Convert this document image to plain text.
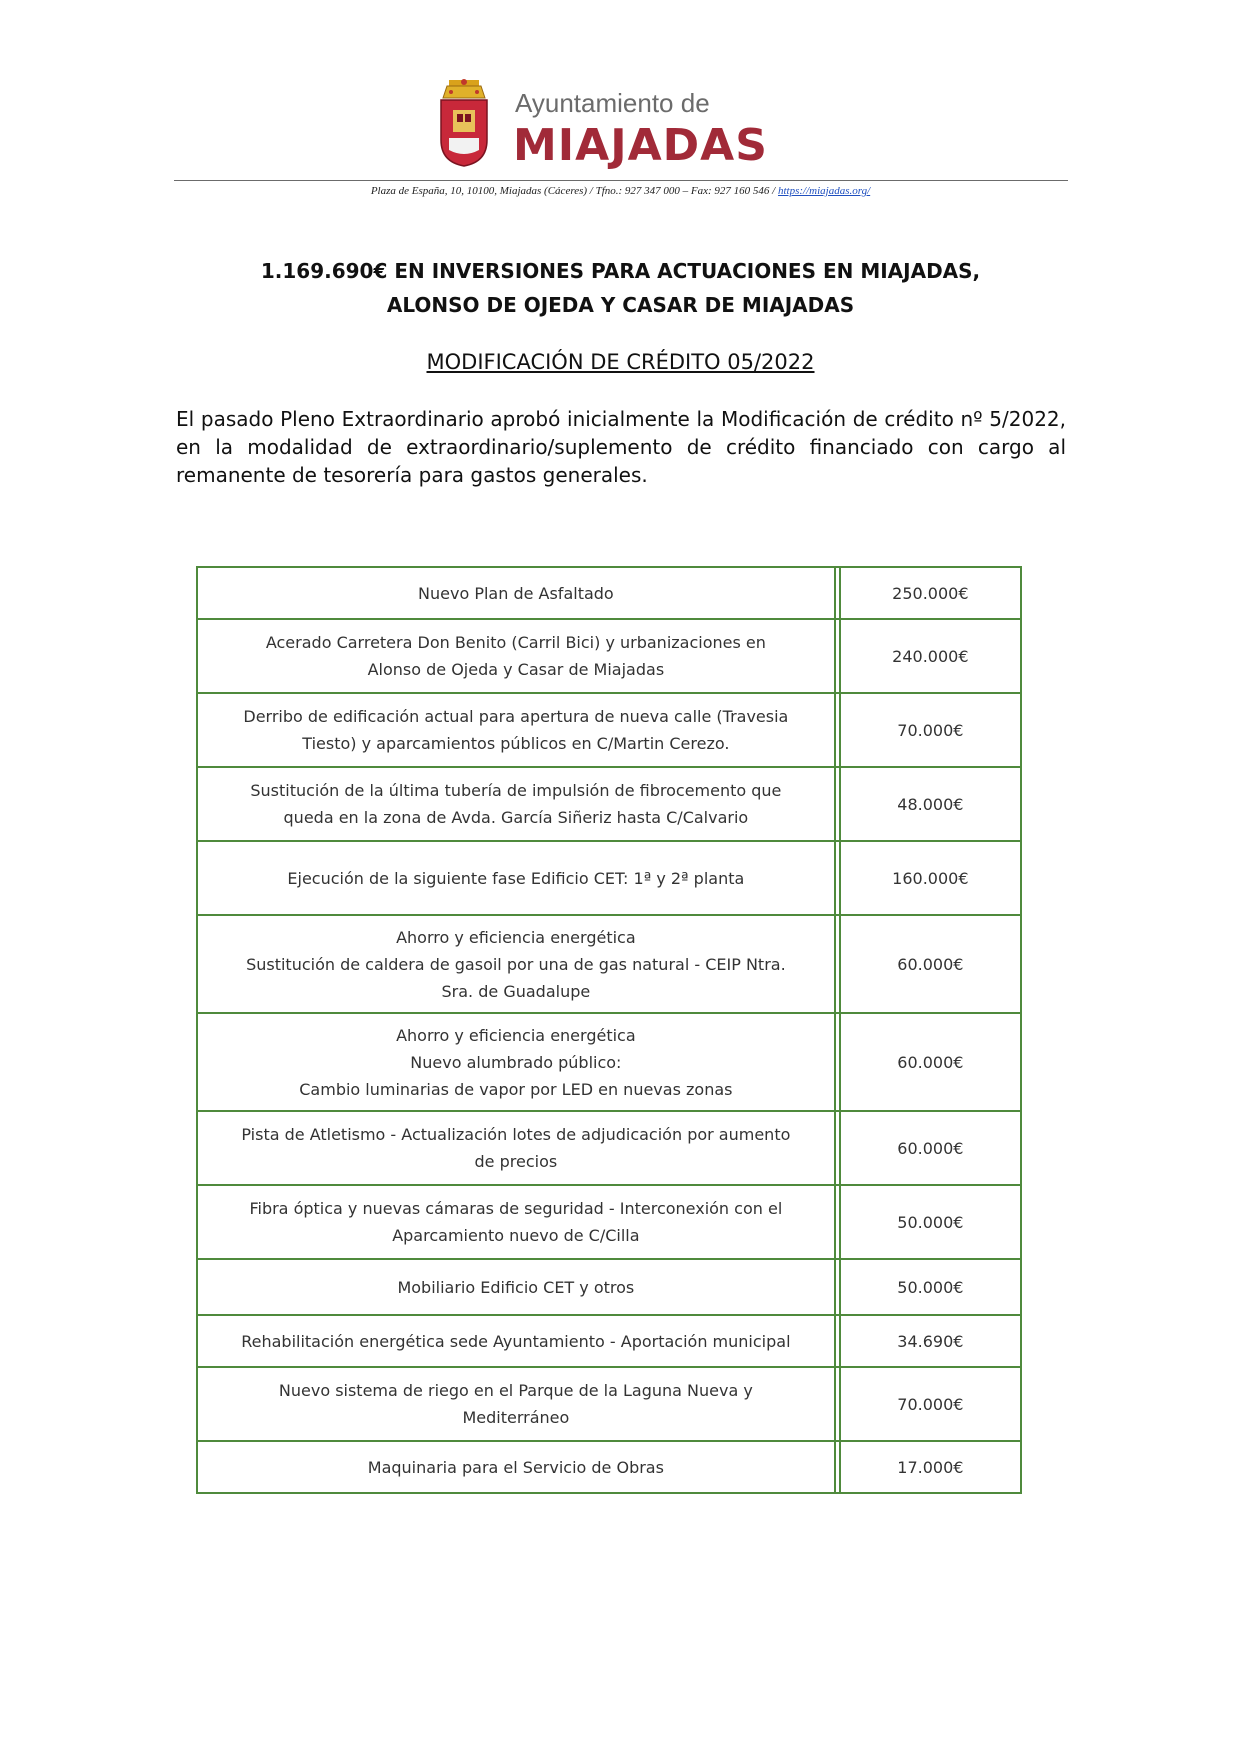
Ayuntamiento de
MIAJADAS
Plaza de España, 10, 10100, Miajadas (Cáceres) / Tfno.: 927 347 000 – Fax: 927 160 546 / https://miajadas.org/
1.169.690€ EN INVERSIONES PARA ACTUACIONES EN MIAJADAS,
ALONSO DE OJEDA Y CASAR DE MIAJADAS
MODIFICACIÓN DE CRÉDITO 05/2022
El pasado Pleno Extraordinario aprobó inicialmente la Modificación de crédito nº 5/2022, en la modalidad de extraordinario/suplemento de crédito financiado con cargo al remanente de tesorería para gastos generales.
Nuevo Plan de Asfaltado		250.000€

Acerado Carretera Don Benito (Carril Bici) y urbanizaciones en
Alonso de Ojeda y Casar de Miajadas		240.000€

Derribo de edificación actual para apertura de nueva calle (Travesia
Tiesto) y aparcamientos públicos en C/Martin Cerezo.		70.000€

Sustitución de la última tubería de impulsión de fibrocemento que
queda en la zona de Avda. García Siñeriz hasta C/Calvario		48.000€

Ejecución de la siguiente fase Edificio CET: 1ª y 2ª planta		160.000€

Ahorro y eficiencia energética
Sustitución de caldera de gasoil por una de gas natural - CEIP Ntra.
Sra. de Guadalupe		60.000€

Ahorro y eficiencia energética
Nuevo alumbrado público:
Cambio luminarias de vapor por LED en nuevas zonas		60.000€

Pista de Atletismo - Actualización lotes de adjudicación por aumento
de precios		60.000€

Fibra óptica y nuevas cámaras de seguridad - Interconexión con el
Aparcamiento nuevo de C/Cilla		50.000€

Mobiliario Edificio CET y otros		50.000€

Rehabilitación energética sede Ayuntamiento - Aportación municipal		34.690€

Nuevo sistema de riego en el Parque de la Laguna Nueva y
Mediterráneo		70.000€

Maquinaria para el Servicio de Obras		17.000€
